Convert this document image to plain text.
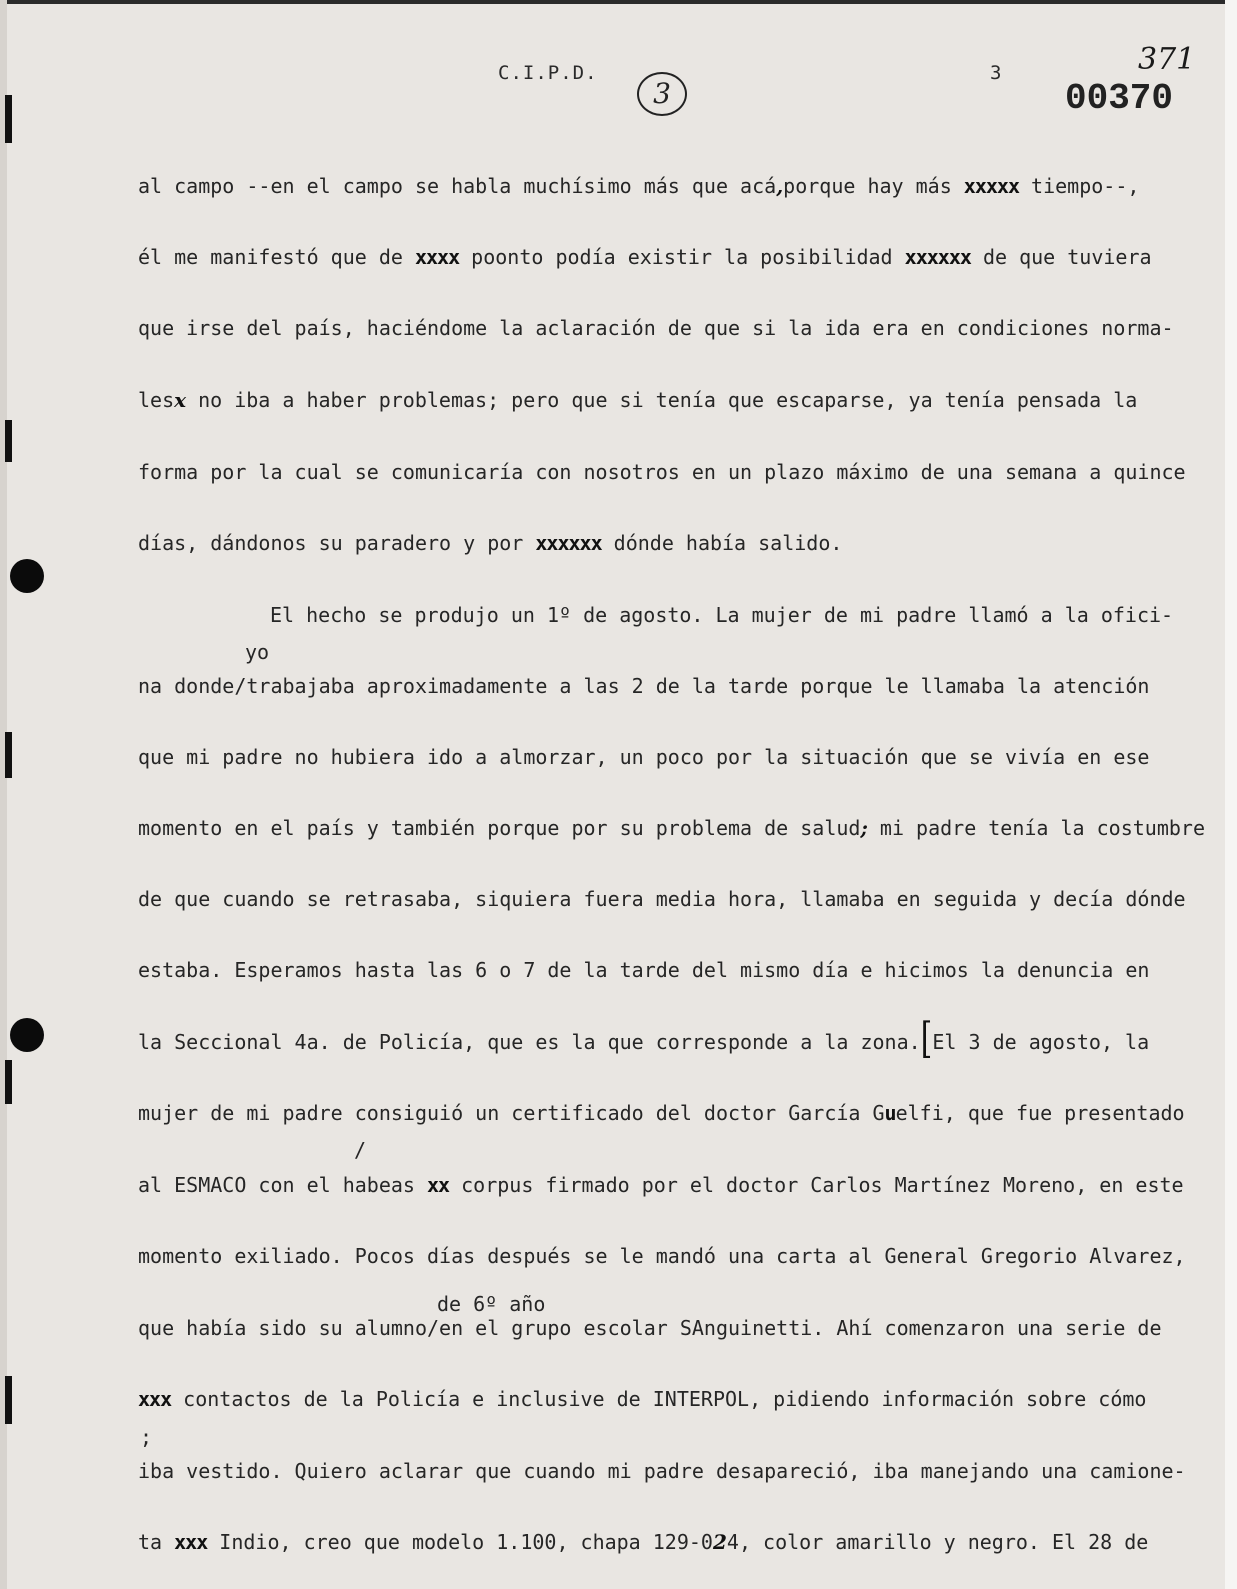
C.I.P.D.
3
3	371
00370
al campo --en el campo se habla muchísimo más que acá,porque hay más xxxxx tiempo--,
él me manifestó que de xxxx poonto podía existir la posibilidad xxxxxx de que tuviera
que irse del país, haciéndome la aclaración de que si la ida era en condiciones norma-
lesx no iba a haber problemas; pero que si tenía que escaparse, ya tenía pensada la
forma por la cual se comunicaría con nosotros en un plazo máximo de una semana a quince
días, dándonos su paradero y por xxxxxx dónde había salido.
El hecho se produjo un 1º de agosto. La mujer de mi padre llamó a la ofici-
yo
na donde/trabajaba aproximadamente a las 2 de la tarde porque le llamaba la atención
que mi padre no hubiera ido a almorzar, un poco por la situación que se vivía en ese
momento en el país y también porque por su problema de salud; mi padre tenía la costumbre
de que cuando se retrasaba, siquiera fuera media hora, llamaba en seguida y decía dónde
estaba. Esperamos hasta las 6 o 7 de la tarde del mismo día e hicimos la denuncia en
la Seccional 4a. de Policía, que es la que corresponde a la zona.[El 3 de agosto, la
mujer de mi padre consiguió un certificado del doctor García Guelfi, que fue presentado
/
al ESMACO con el habeas xx corpus firmado por el doctor Carlos Martínez Moreno, en este
momento exiliado. Pocos días después se le mandó una carta al General Gregorio Alvarez,
de 6º año
que había sido su alumno/en el grupo escolar SAnguinetti. Ahí comenzaron una serie de
xxx contactos de la Policía e inclusive de INTERPOL, pidiendo información sobre cómo
;
iba vestido. Quiero aclarar que cuando mi padre desapareció, iba manejando una camione-
ta xxx Indio, creo que modelo 1.100, chapa 129-024, color amarillo y negro. El 28 de
